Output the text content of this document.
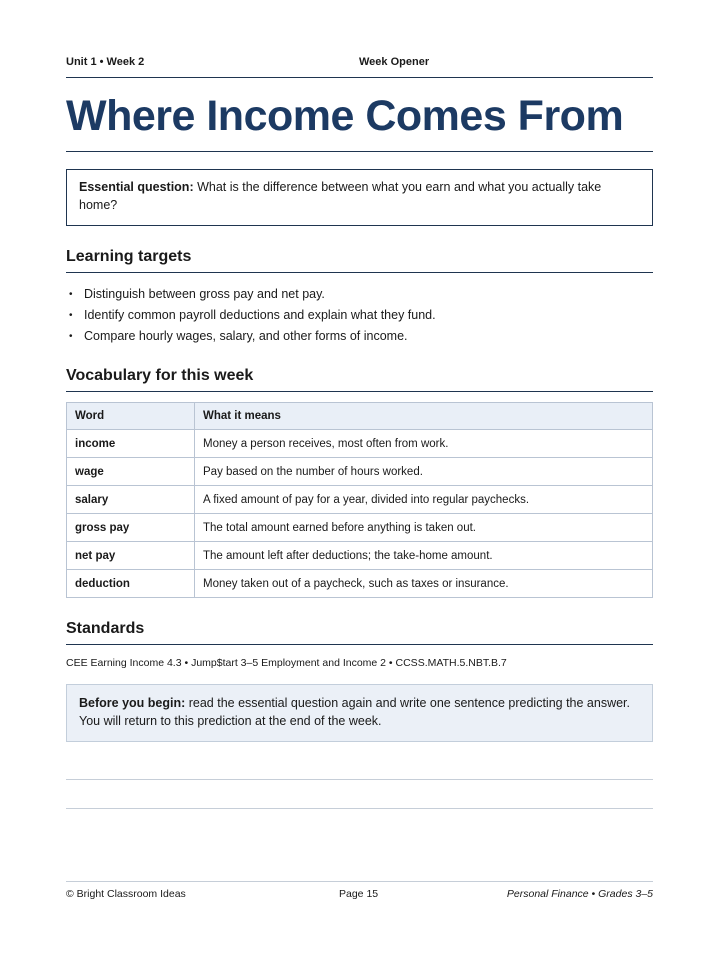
Unit 1 • Week 2	Week Opener
Where Income Comes From
Essential question: What is the difference between what you earn and what you actually take home?
Learning targets
• Distinguish between gross pay and net pay.
• Identify common payroll deductions and explain what they fund.
• Compare hourly wages, salary, and other forms of income.
Vocabulary for this week
Word	What it means
income	Money a person receives, most often from work.
wage	Pay based on the number of hours worked.
salary	A fixed amount of pay for a year, divided into regular paychecks.
gross pay	The total amount earned before anything is taken out.
net pay	The amount left after deductions; the take-home amount.
deduction	Money taken out of a paycheck, such as taxes or insurance.
Standards
CEE Earning Income 4.3 • Jump$tart 3–5 Employment and Income 2 • CCSS.MATH.5.NBT.B.7
Before you begin: read the essential question again and write one sentence predicting the answer. You will return to this prediction at the end of the week.
© Bright Classroom Ideas	Page 15	Personal Finance • Grades 3–5
